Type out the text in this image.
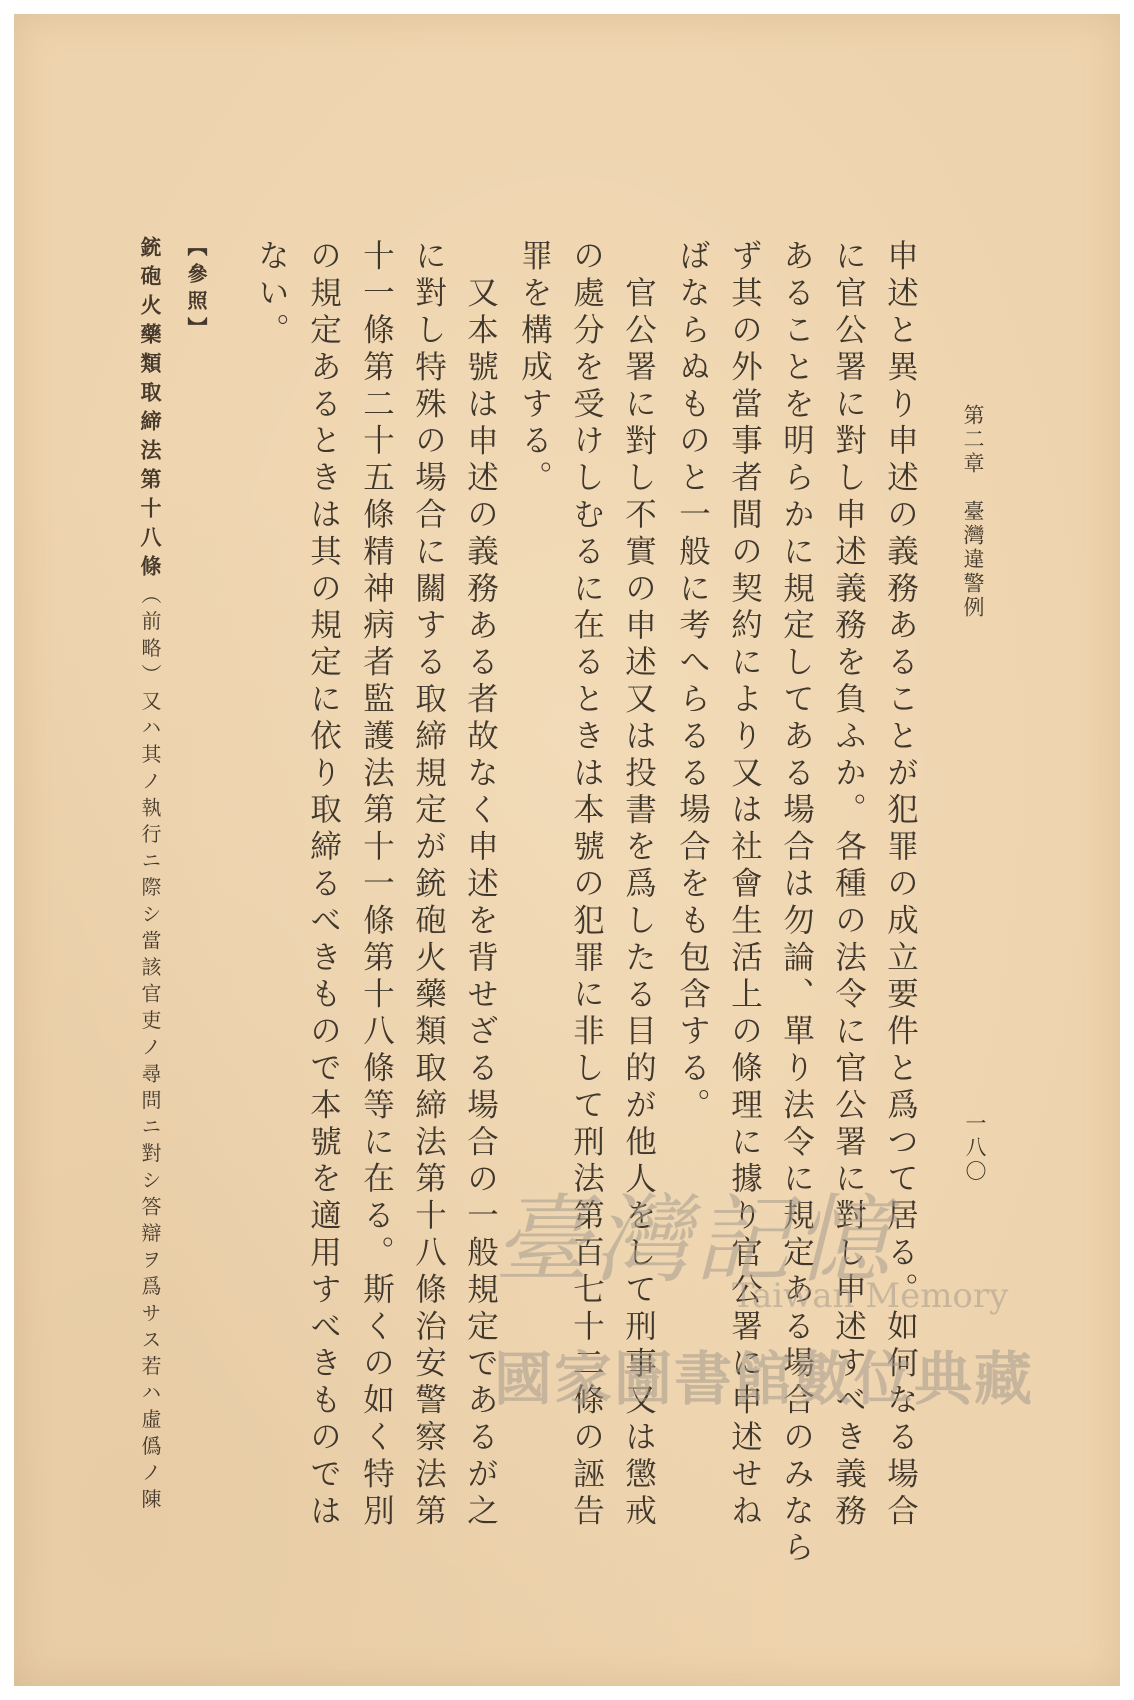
第二章　臺灣違警例
一八〇
申述と異り申述の義務あることが犯罪の成立要件と爲つて居る。如何なる場合
に官公署に對し申述義務を負ふか。各種の法令に官公署に對し申述すべき義務
あることを明らかに規定してある場合は勿論、單り法令に規定ある場合のみなら
ず其の外當事者間の契約により又は社會生活上の條理に據り官公署に申述せね
ばならぬものと一般に考へらるる場合をも包含する。
官公署に對し不實の申述又は投書を爲したる目的が他人をして刑事又は懲戒
の處分を受けしむるに在るときは本號の犯罪に非して刑法第百七十二條の誣告
罪を構成する。
又本號は申述の義務ある者故なく申述を背せざる場合の一般規定であるが之
に對し特殊の場合に關する取締規定が銃砲火藥類取締法第十八條治安警察法第
十一條第二十五條精神病者監護法第十一條第十八條等に在る。斯くの如く特別
の規定あるときは其の規定に依り取締るべきもので本號を適用すべきものでは
ない。
【參照】
銃砲火藥類取締法第十八條（前略）又ハ其ノ執行ニ際シ當該官吏ノ尋問ニ對シ答辯ヲ爲サス若ハ虛僞ノ陳	臺灣記憶
Taiwan Memory
國家圖書館數位典藏
